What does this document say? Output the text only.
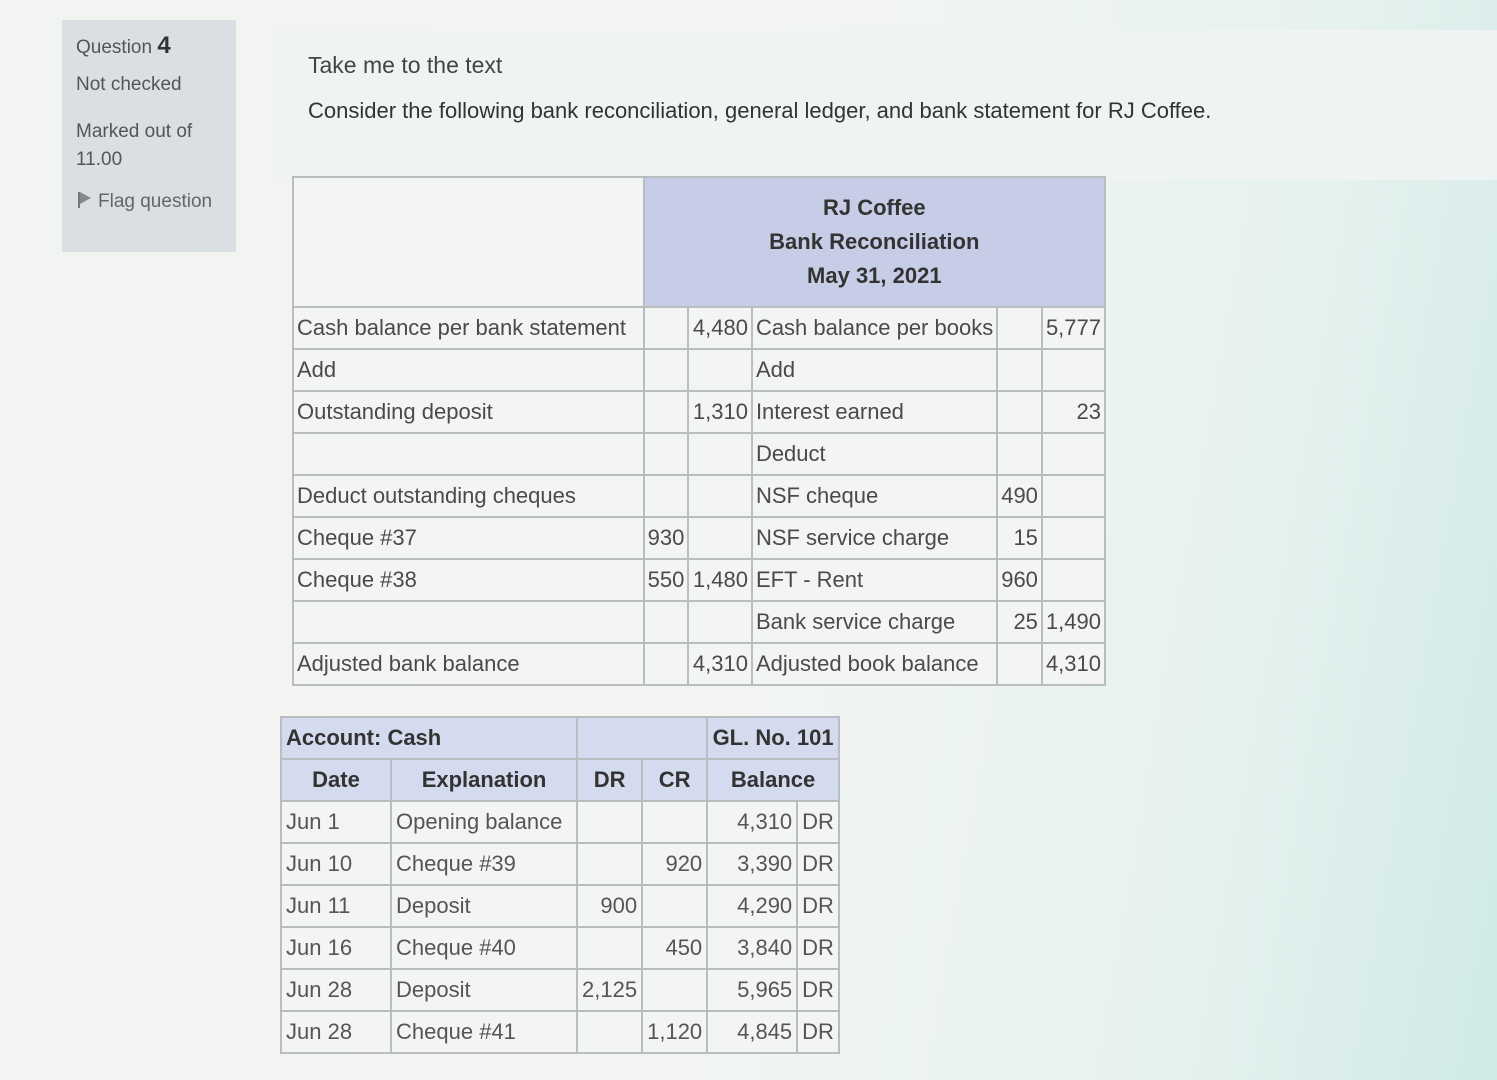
Question 4
Not checked
Marked out of 11.00
Flag question
Take me to the text
Consider the following bank reconciliation, general ledger, and bank statement for RJ Coffee.

	RJ Coffee
Bank Reconciliation
May 31, 2021				

Cash balance per bank statement		4,480	Cash balance per books		5,777
Add			Add		
Outstanding deposit		1,310	Interest earned		23
			Deduct		
Deduct outstanding cheques			NSF cheque	490	
Cheque #37	930		NSF service charge	15	
Cheque #38	550	1,480	EFT - Rent	960	
			Bank service charge	25	1,490
Adjusted bank balance		4,310	Adjusted book balance		4,310
Account: Cash				GL. No. 101	
Date	Explanation	DR	CR	Balance	
Jun 1	Opening balance			4,310	DR
Jun 10	Cheque #39		920	3,390	DR
Jun 11	Deposit	900		4,290	DR
Jun 16	Cheque #40		450	3,840	DR
Jun 28	Deposit	2,125		5,965	DR
Jun 28	Cheque #41		1,120	4,845	DR
